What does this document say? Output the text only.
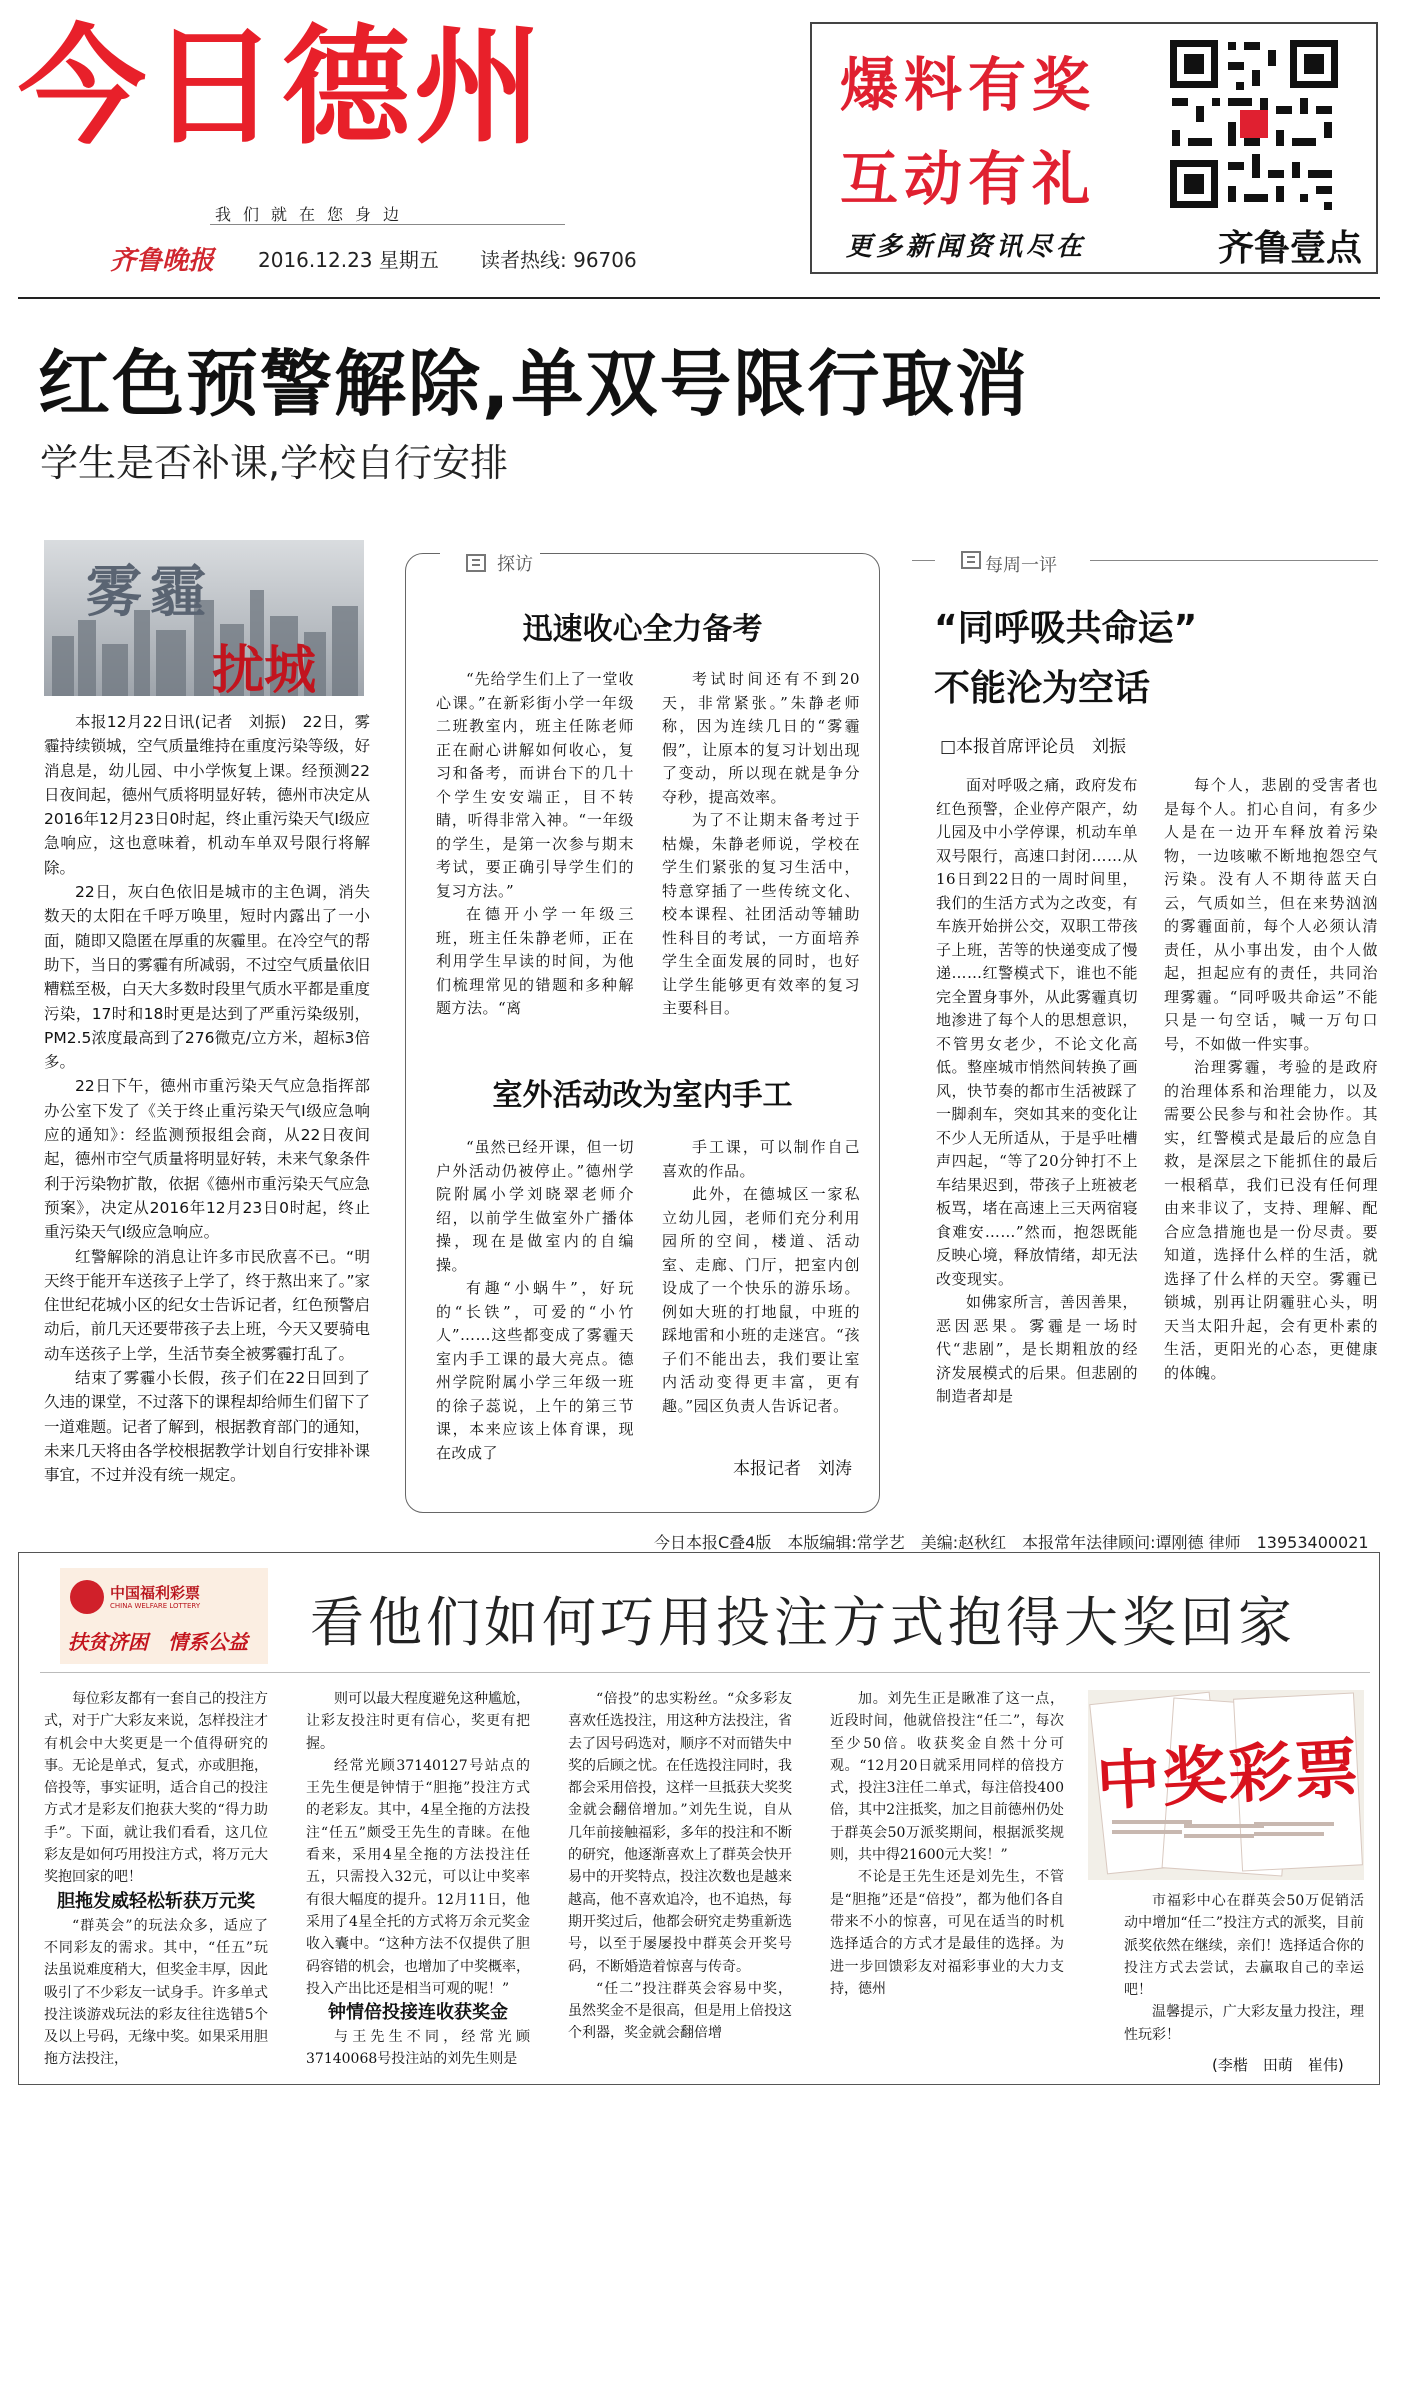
今日德州
我们就在您身边
齐鲁晚报 2016.12.23 星期五 读者热线: 96706
爆料有奖
互动有礼
更多新闻资讯尽在	齐鲁壹点
红色预警解除,单双号限行取消
学生是否补课,学校自行安排
雾霾
扰城

本报12月22日讯(记者　刘振)　22日，雾霾持续锁城，空气质量维持在重度污染等级，好消息是，幼儿园、中小学恢复上课。经预测22日夜间起，德州气质将明显好转，德州市决定从2016年12月23日0时起，终止重污染天气Ⅰ级应急响应，这也意味着，机动车单双号限行将解除。

22日，灰白色依旧是城市的主色调，消失数天的太阳在千呼万唤里，短时内露出了一小面，随即又隐匿在厚重的灰霾里。在冷空气的帮助下，当日的雾霾有所减弱，不过空气质量依旧糟糕至极，白天大多数时段里气质水平都是重度污染，17时和18时更是达到了严重污染级别，PM2.5浓度最高到了276微克/立方米，超标3倍多。

22日下午，德州市重污染天气应急指挥部办公室下发了《关于终止重污染天气Ⅰ级应急响应的通知》：经监测预报组会商，从22日夜间起，德州市空气质量将明显好转，未来气象条件利于污染物扩散，依据《德州市重污染天气应急预案》，决定从2016年12月23日0时起，终止重污染天气Ⅰ级应急响应。

红警解除的消息让许多市民欣喜不已。“明天终于能开车送孩子上学了，终于熬出来了。”家住世纪花城小区的纪女士告诉记者，红色预警启动后，前几天还要带孩子去上班，今天又要骑电动车送孩子上学，生活节奏全被雾霾打乱了。

结束了雾霾小长假，孩子们在22日回到了久违的课堂，不过落下的课程却给师生们留下了一道难题。记者了解到，根据教育部门的通知，未来几天将由各学校根据教学计划自行安排补课事宜，不过并没有统一规定。

探访
迅速收心全力备考

“先给学生们上了一堂收心课。”在新彩街小学一年级二班教室内，班主任陈老师正在耐心讲解如何收心，复习和备考，而讲台下的几十个学生安安端正，目不转睛，听得非常入神。“一年级的学生，是第一次参与期末考试，要正确引导学生们的复习方法。”

在德开小学一年级三班，班主任朱静老师，正在利用学生早读的时间，为他们梳理常见的错题和多种解题方法。“离

考试时间还有不到20天，非常紧张。”朱静老师称，因为连续几日的“雾霾假”，让原本的复习计划出现了变动，所以现在就是争分夺秒，提高效率。

为了不让期末备考过于枯燥，朱静老师说，学校在学生们紧张的复习生活中，特意穿插了一些传统文化、校本课程、社团活动等辅助性科目的考试，一方面培养学生全面发展的同时，也好让学生能够更有效率的复习主要科目。

室外活动改为室内手工

“虽然已经开课，但一切户外活动仍被停止。”德州学院附属小学刘晓翠老师介绍，以前学生做室外广播体操，现在是做室内的自编操。

有趣“小蜗牛”，好玩的“长铁”，可爱的“小竹人”……这些都变成了雾霾天室内手工课的最大亮点。德州学院附属小学三年级一班的徐子蕊说，上午的第三节课，本来应该上体育课，现在改成了

手工课，可以制作自己喜欢的作品。

此外，在德城区一家私立幼儿园，老师们充分利用园所的空间，楼道、活动室、走廊、门厅，把室内创设成了一个快乐的游乐场。例如大班的打地鼠，中班的踩地雷和小班的走迷宫。“孩子们不能出去，我们要让室内活动变得更丰富，更有趣。”园区负责人告诉记者。

本报记者　刘涛
每周一评
“同呼吸共命运”
不能沦为空话
□本报首席评论员　刘振

面对呼吸之痛，政府发布红色预警，企业停产限产，幼儿园及中小学停课，机动车单双号限行，高速口封闭……从16日到22日的一周时间里，我们的生活方式为之改变，有车族开始拼公交，双职工带孩子上班，苦等的快递变成了慢递……红警模式下，谁也不能完全置身事外，从此雾霾真切地渗进了每个人的思想意识，不管男女老少，不论文化高低。整座城市悄然间转换了画风，快节奏的都市生活被踩了一脚刹车，突如其来的变化让不少人无所适从，于是乎吐槽声四起，“等了20分钟打不上车结果迟到，带孩子上班被老板骂，堵在高速上三天两宿寝食难安……”然而，抱怨既能反映心境，释放情绪，却无法改变现实。

如佛家所言，善因善果，恶因恶果。雾霾是一场时代“悲剧”，是长期粗放的经济发展模式的后果。但悲剧的制造者却是

每个人，悲剧的受害者也是每个人。扪心自问，有多少人是在一边开车释放着污染物，一边咳嗽不断地抱怨空气污染。没有人不期待蓝天白云，气质如兰，但在来势汹汹的雾霾面前，每个人必须认清责任，从小事出发，由个人做起，担起应有的责任，共同治理雾霾。“同呼吸共命运”不能只是一句空话，喊一万句口号，不如做一件实事。

治理雾霾，考验的是政府的治理体系和治理能力，以及需要公民参与和社会协作。其实，红警模式是最后的应急自救，是深层之下能抓住的最后一根稻草，我们已没有任何理由来非议了，支持、理解、配合应急措施也是一份尽责。要知道，选择什么样的生活，就选择了什么样的天空。雾霾已锁城，别再让阴霾驻心头，明天当太阳升起，会有更朴素的生活，更阳光的心态，更健康的体魄。

今日本报C叠4版　本版编辑:常学艺　美编:赵秋红　本报常年法律顾问:谭刚德 律师　13953400021
中国福利彩票
CHINA WELFARE LOTTERY
扶贫济困　情系公益 看他们如何巧用投注方式抱得大奖回家

每位彩友都有一套自己的投注方式，对于广大彩友来说，怎样投注才有机会中大奖更是一个值得研究的事。无论是单式，复式，亦或胆拖，倍投等，事实证明，适合自己的投注方式才是彩友们抱获大奖的“得力助手”。下面，就让我们看看，这几位彩友是如何巧用投注方式，将万元大奖抱回家的吧！

胆拖发威轻松斩获万元奖

“群英会”的玩法众多，适应了不同彩友的需求。其中，“任五”玩法虽说难度稍大，但奖金丰厚，因此吸引了不少彩友一试身手。许多单式投注谈游戏玩法的彩友往往选错5个及以上号码，无缘中奖。如果采用胆拖方法投注，

则可以最大程度避免这种尴尬，让彩友投注时更有信心，奖更有把握。

经常光顾37140127号站点的王先生便是钟情于“胆拖”投注方式的老彩友。其中，4星全拖的方法投注“任五”颇受王先生的青睐。在他看来，采用4星全拖的方法投注任五，只需投入32元，可以让中奖率有很大幅度的提升。12月11日，他采用了4星全托的方式将万余元奖金收入囊中。“这种方法不仅提供了胆码容错的机会，也增加了中奖概率，投入产出比还是相当可观的呢！”

钟情倍投接连收获奖金

与王先生不同，经常光顾37140068号投注站的刘先生则是

“倍投”的忠实粉丝。“众多彩友喜欢任选投注，用这种方法投注，省去了因号码选对，顺序不对而错失中奖的后顾之忧。在任选投注同时，我都会采用倍投，这样一旦抵获大奖奖金就会翻倍增加。”刘先生说，自从几年前接触福彩，多年的投注和不断的研究，他逐渐喜欢上了群英会快开易中的开奖特点，投注次数也是越来越高，他不喜欢追冷，也不追热，每期开奖过后，他都会研究走势重新选号，以至于屡屡投中群英会开奖号码，不断婚造着惊喜与传奇。

“任二”投注群英会容易中奖，虽然奖金不是很高，但是用上倍投这个利器，奖金就会翻倍增

加。刘先生正是瞅准了这一点，近段时间，他就倍投注“任二”，每次至少50倍。收获奖金自然十分可观。“12月20日就采用同样的倍投方式，投注3注任二单式，每注倍投400倍，其中2注抵奖，加之目前德州仍处于群英会50万派奖期间，根据派奖规则，共中得21600元大奖！”

不论是王先生还是刘先生，不管是“胆拖”还是“倍投”，都为他们各自带来不小的惊喜，可见在适当的时机选择适合的方式才是最佳的选择。为进一步回馈彩友对福彩事业的大力支持，德州

中奖彩票

市福彩中心在群英会50万促销活动中增加“任二”投注方式的派奖，目前派奖依然在继续，亲们！选择适合你的投注方式去尝试，去赢取自己的幸运吧！

温馨提示，广大彩友量力投注，理性玩彩！

(李楷　田萌　崔伟)
